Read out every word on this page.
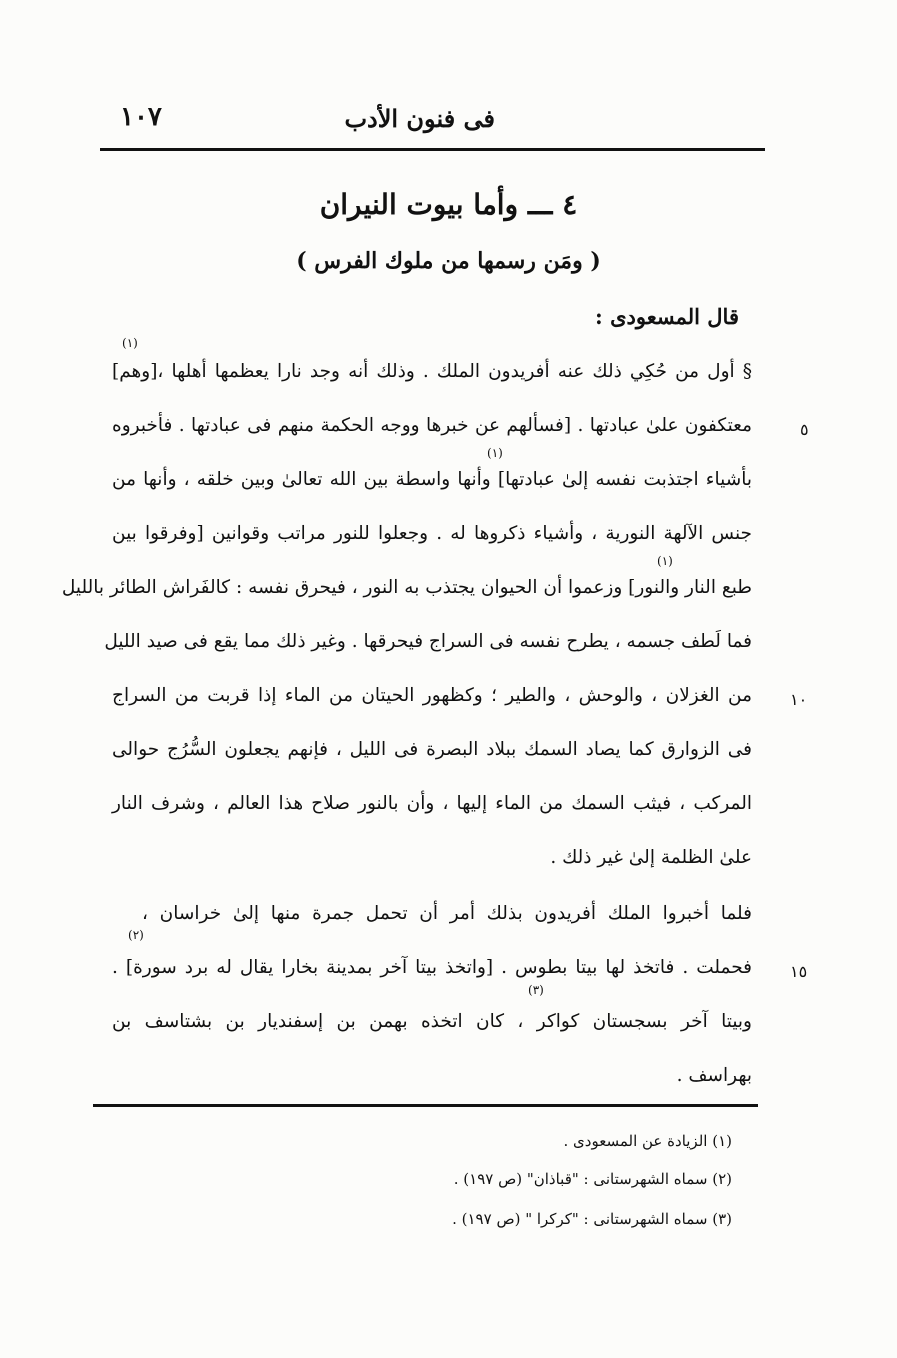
فى فنون الأدب
١٠٧
٤ ـــ وأما بيوت النيران
( ومَن رسمها من ملوك الفرس )
قال المسعودى :
(١)
(١)
(١)
(٢)
(٣)
§ أول من حُكِي ذلك عنه أفريدون الملك . وذلك أنه وجد نارا يعظمها أهلها ،[وهم]
معتكفون علىٰ عبادتها . [فسألهم عن خبرها ووجه الحكمة منهم فى عبادتها . فأخبروه
بأشياء اجتذبت نفسه إلىٰ عبادتها] وأنها واسطة بين الله تعالىٰ وبين خلقه ، وأنها من
جنس الآلهة النورية ، وأشياء ذكروها له . وجعلوا للنور مراتب وقوانين [وفرقوا بين
طبع النار والنور] وزعموا أن الحيوان يجتذب به النور ، فيحرق نفسه : كالفَراش الطائر بالليل
فما لَطف جسمه ، يطرح نفسه فى السراج فيحرقها . وغير ذلك مما يقع فى صيد الليل
من الغزلان ، والوحش ، والطير ؛ وكظهور الحيتان من الماء إذا قربت من السراج
فى الزوارق كما يصاد السمك ببلاد البصرة فى الليل ، فإنهم يجعلون السُّرُج حوالى
المركب ، فيثب السمك من الماء إليها ، وأن بالنور صلاح هذا العالم ، وشرف النار
علىٰ الظلمة إلىٰ غير ذلك .
فلما أخبروا الملك أفريدون بذلك أمر أن تحمل جمرة منها إلىٰ خراسان ،
فحملت . فاتخذ لها بيتا بطوس . [واتخذ بيتا آخر بمدينة بخارا يقال له برد سورة] .
وبيتا آخر بسجستان كواكر ، كان اتخذه بهمن بن إسفنديار بن بشتاسف بن
بهراسف .
٥
١٠
١٥
(١) الزيادة عن المسعودى .
(٢) سماه الشهرستانى : "قباذان" (ص ١٩٧) .
(٣) سماه الشهرستانى : "كركرا " (ص ١٩٧) .
